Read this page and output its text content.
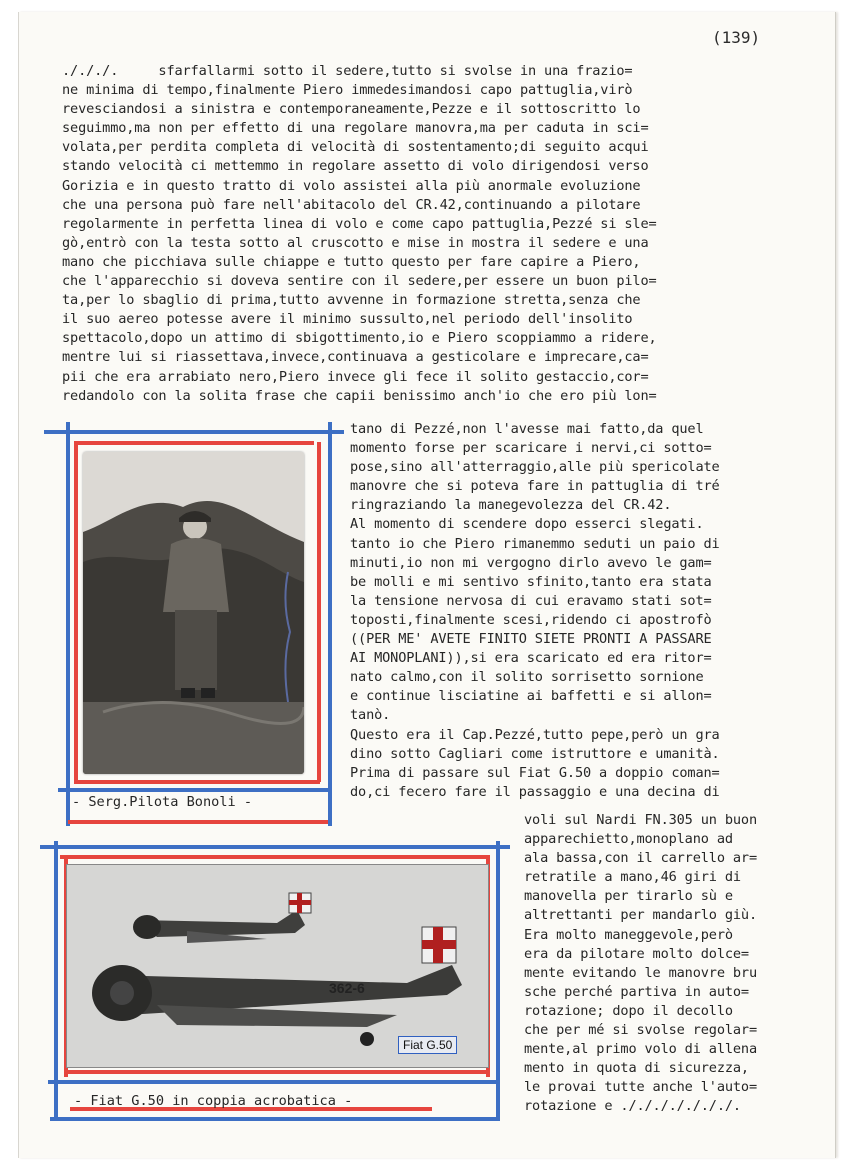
(139)
./././.     sfarfallarmi sotto il sedere,tutto si svolse in una frazio=
ne minima di tempo,finalmente Piero immedesimandosi capo pattuglia,virò
revesciandosi a sinistra e contemporaneamente,Pezze e il sottoscritto lo
seguimmo,ma non per effetto di una regolare manovra,ma per caduta in sci=
volata,per perdita completa di velocità di sostentamento;di seguito acqui
stando velocità ci mettemmo in regolare assetto di volo dirigendosi verso
Gorizia e in questo tratto di volo assistei alla più anormale evoluzione
che una persona può fare nell'abitacolo del CR.42,continuando a pilotare
regolarmente in perfetta linea di volo e come capo pattuglia,Pezzé si sle=
gò,entrò con la testa sotto al cruscotto e mise in mostra il sedere e una
mano che picchiava sulle chiappe e tutto questo per fare capire a Piero,
che l'apparecchio si doveva sentire con il sedere,per essere un buon pilo=
ta,per lo sbaglio di prima,tutto avvenne in formazione stretta,senza che
il suo aereo potesse avere il minimo sussulto,nel periodo dell'insolito
spettacolo,dopo un attimo di sbigottimento,io e Piero scoppiammo a ridere,
mentre lui si riassettava,invece,continuava a gesticolare e imprecare,ca=
pii che era arrabiato nero,Piero invece gli fece il solito gestaccio,cor=
redandolo con la solita frase che capii benissimo anch'io che ero più lon=
tano di Pezzé,non l'avesse mai fatto,da quel
momento forse per scaricare i nervi,ci sotto=
pose,sino all'atterraggio,alle più spericolate
manovre che si poteva fare in pattuglia di tré
ringraziando la manegevolezza del CR.42.
Al momento di scendere dopo esserci slegati.
tanto io che Piero rimanemmo seduti un paio di
minuti,io non mi vergogno dirlo avevo le gam=
be molli e mi sentivo sfinito,tanto era stata
la tensione nervosa di cui eravamo stati sot=
toposti,finalmente scesi,ridendo ci apostrofò
((PER ME' AVETE FINITO SIETE PRONTI A PASSARE
AI MONOPLANI)),si era scaricato ed era ritor=
nato calmo,con il solito sorrisetto sornione
e continue lisciatine ai baffetti e si allon=
tanò.
Questo era il Cap.Pezzé,tutto pepe,però un gra
dino sotto Cagliari come istruttore e umanità.
Prima di passare sul Fiat G.50 a doppio coman=
do,ci fecero fare il passaggio e una decina di
voli sul Nardi FN.305 un buon
apparechietto,monoplano ad
ala bassa,con il carrello ar=
retratile a mano,46 giri di
manovella per tirarlo sù e
altrettanti per mandarlo giù.
Era molto maneggevole,però
era da pilotare molto dolce=
mente evitando le manovre bru
sche perché partiva in auto=
rotazione; dopo il decollo
che per mé si svolse regolar=
mente,al primo volo di allena
mento in quota di sicurezza,
le provai tutte anche l'auto=
rotazione e ./././././././.
- Serg.Pilota Bonoli -
362-6
Fiat G.50
- Fiat G.50 in coppia acrobatica -
